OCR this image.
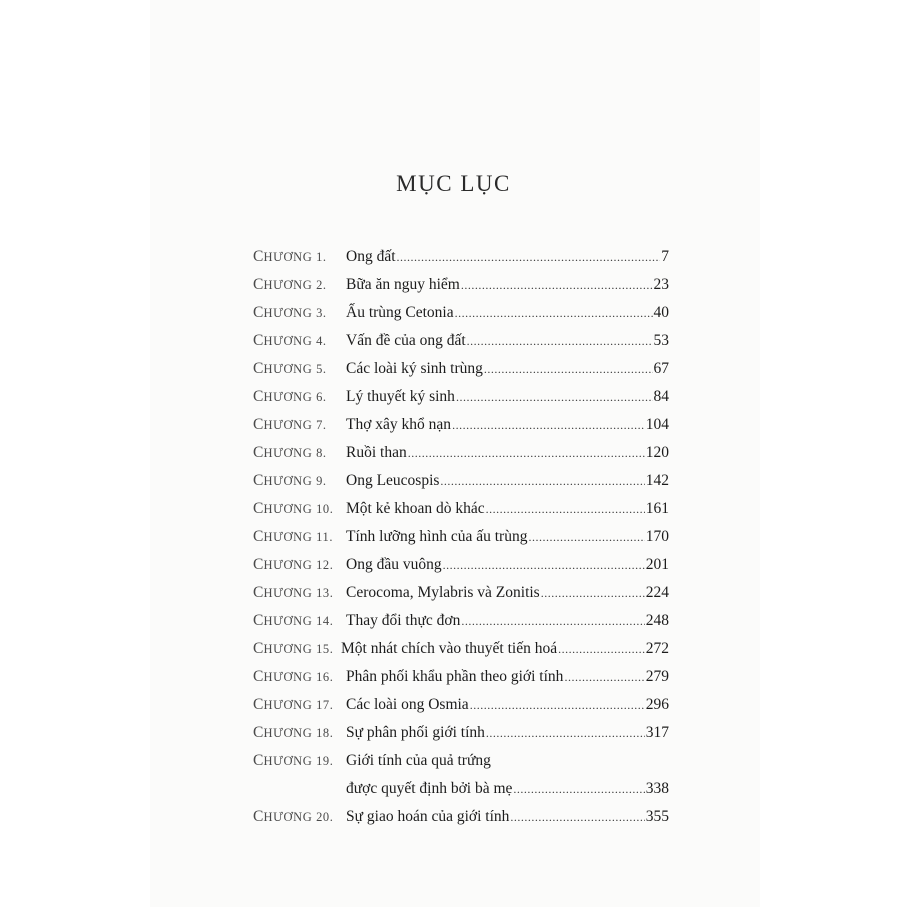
MỤC LỤC
CHƯƠNG 1.	Ong đất .....	7
CHƯƠNG 2.	Bữa ăn nguy hiểm .....	23
CHƯƠNG 3.	Ấu trùng Cetonia .....	40
CHƯƠNG 4.	Vấn đề của ong đất .....	53
CHƯƠNG 5.	Các loài ký sinh trùng .....	67
CHƯƠNG 6.	Lý thuyết ký sinh .....	84
CHƯƠNG 7.	Thợ xây khổ nạn .....	104
CHƯƠNG 8.	Ruồi than .....	120
CHƯƠNG 9.	Ong Leucospis .....	142
CHƯƠNG 10. Một kẻ khoan dò khác .....	161
CHƯƠNG 11. Tính lưỡng hình của ấu trùng .....	170
CHƯƠNG 12. Ong đầu vuông .....	201
CHƯƠNG 13. Cerocoma, Mylabris và Zonitis .....	224
CHƯƠNG 14. Thay đổi thực đơn .....	248
CHƯƠNG 15. Một nhát chích vào thuyết tiến hoá .....	272
CHƯƠNG 16. Phân phối khẩu phần theo giới tính .....	279
CHƯƠNG 17. Các loài ong Osmia .....	296
CHƯƠNG 18. Sự phân phối giới tính .....	317
CHƯƠNG 19. Giới tính của quả trứng
được quyết định bởi bà mẹ .....	338
CHƯƠNG 20. Sự giao hoán của giới tính .....	355
